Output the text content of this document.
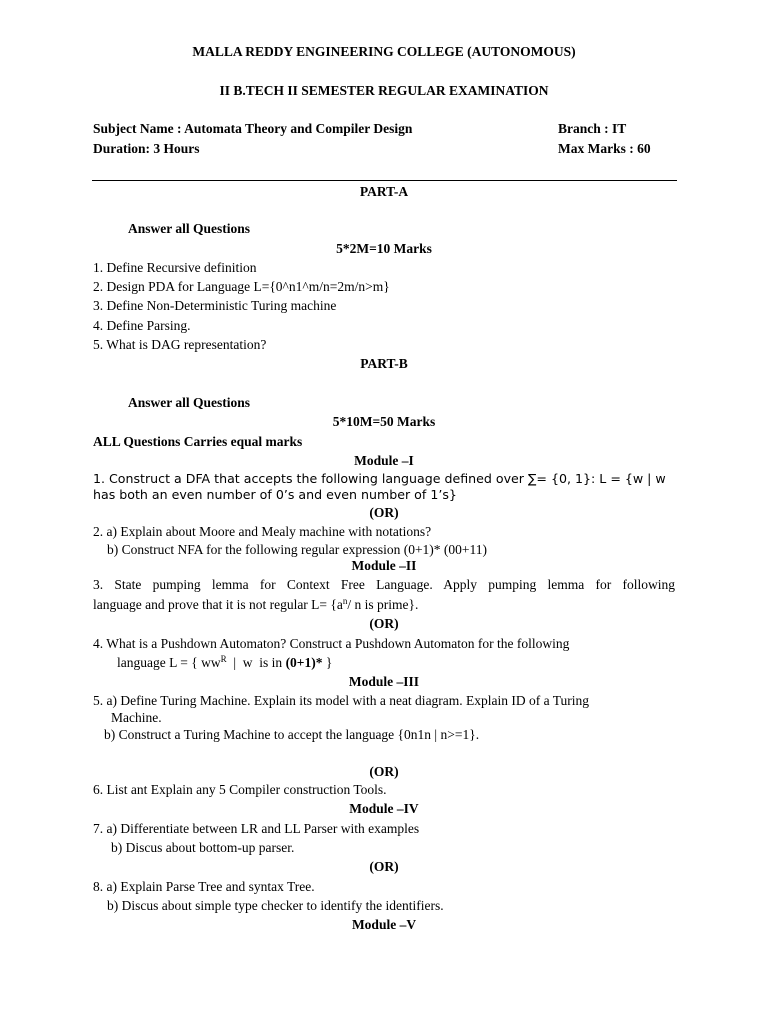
MALLA REDDY ENGINEERING COLLEGE (AUTONOMOUS)
II B.TECH II SEMESTER REGULAR EXAMINATION
Subject Name : Automata Theory and Compiler Design
Duration: 3 Hours
Branch : IT
Max Marks : 60
PART-A
Answer all Questions
5*2M=10 Marks
1. Define Recursive definition
2. Design PDA for Language L={0^n1^m/n=2m/n>m}
3. Define Non-Deterministic Turing machine
4. Define Parsing.
5. What is DAG representation?
PART-B
Answer all Questions
5*10M=50 Marks
ALL Questions Carries equal marks
Module –I
1. Construct a DFA that accepts the following language defined over ∑= {0, 1}: L = {w | w
has both an even number of 0’s and even number of 1’s}
(OR)
2. a) Explain about Moore and Mealy machine with notations?
b) Construct NFA for the following regular expression (0+1)* (00+11)
Module –II
3. State pumping lemma for Context Free Language. Apply pumping lemma for following
language and prove that it is not regular $L= \{a^n/$ n is prime}.
(OR)
4. What is a Pushdown Automaton? Construct a Pushdown Automaton for the following
language L = { $ww^R$  |  w  is in (0+1)* }
Module –III
5. a) Define Turing Machine. Explain its model with a neat diagram. Explain ID of a Turing
Machine.
b) Construct a Turing Machine to accept the language {0n1n | n>=1}.
(OR)
6. List ant Explain any 5 Compiler construction Tools.
Module –IV
7. a) Differentiate between LR and LL Parser with examples
b) Discus about bottom-up parser.
(OR)
8. a) Explain Parse Tree and syntax Tree.
b) Discus about simple type checker to identify the identifiers.
Module –V
